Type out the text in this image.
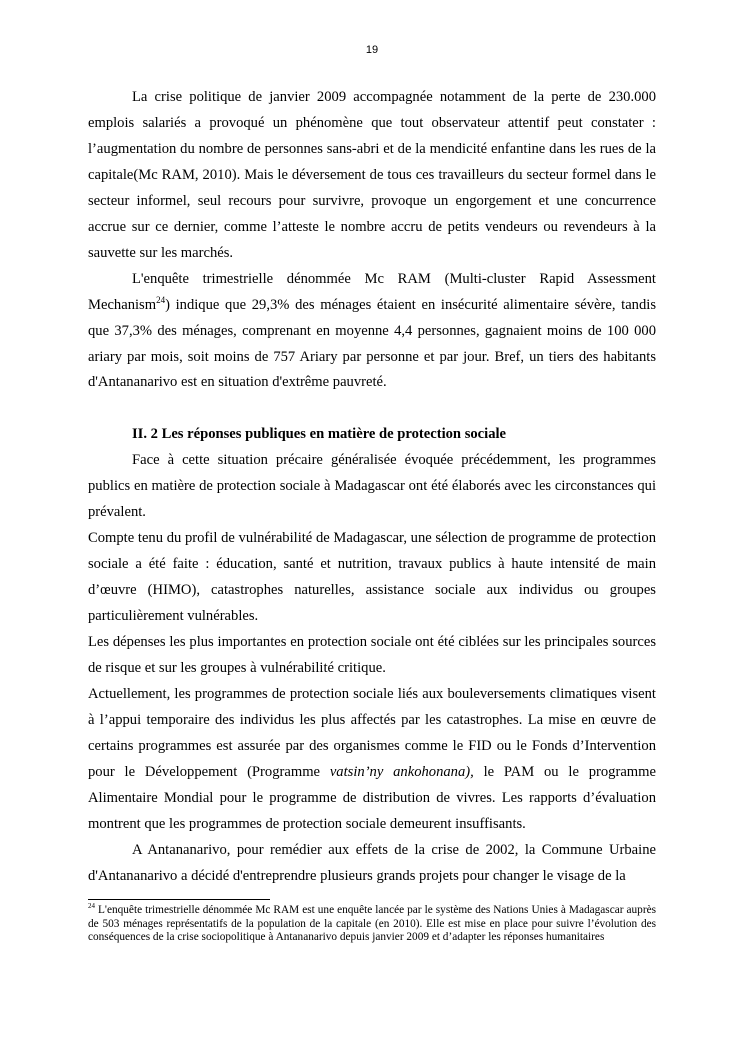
19

La crise politique de janvier 2009 accompagnée notamment de la perte de 230.000 emplois salariés a provoqué un phénomène que tout observateur attentif peut constater : l’augmentation du nombre de personnes sans-abri et de la mendicité enfantine dans les rues de la capitale(Mc RAM, 2010). Mais le déversement de tous ces travailleurs du secteur formel dans le secteur informel, seul recours pour survivre, provoque un engorgement et une concurrence accrue sur ce dernier, comme l’atteste le nombre accru de petits vendeurs ou revendeurs à la sauvette sur les marchés.

L'enquête trimestrielle dénommée Mc RAM (Multi-cluster Rapid Assessment Mechanism$^{24}$) indique que 29,3% des ménages étaient en insécurité alimentaire sévère, tandis que 37,3% des ménages, comprenant en moyenne 4,4 personnes, gagnaient moins de 100 000 ariary par mois, soit moins de 757 Ariary par personne et par jour. Bref, un tiers des habitants d'Antananarivo est en situation d'extrême pauvreté.

II. 2 Les réponses publiques en matière de protection sociale

Face à cette situation précaire généralisée évoquée précédemment, les programmes publics en matière de protection sociale à Madagascar ont été élaborés avec les circonstances qui prévalent.

Compte tenu du profil de vulnérabilité de Madagascar, une sélection de programme de protection sociale a été faite : éducation, santé et nutrition, travaux publics à haute intensité de main d’œuvre (HIMO), catastrophes naturelles, assistance sociale aux individus ou groupes particulièrement vulnérables.

Les dépenses les plus importantes en protection sociale ont été ciblées sur les principales sources de risque et sur les groupes à vulnérabilité critique.

Actuellement, les programmes de protection sociale liés aux bouleversements climatiques visent à l’appui temporaire des individus les plus affectés par les catastrophes. La mise en œuvre de certains programmes est assurée par des organismes comme le FID ou le Fonds d’Intervention pour le Développement (Programme vatsin’ny ankohonana), le PAM ou le programme Alimentaire Mondial pour le programme de distribution de vivres. Les rapports d’évaluation montrent que les programmes de protection sociale demeurent insuffisants.

A Antananarivo, pour remédier aux effets de la crise de 2002, la Commune Urbaine d'Antananarivo a décidé d'entreprendre plusieurs grands projets pour changer le visage de la

$^{24}$ L'enquête trimestrielle dénommée Mc RAM est une enquête lancée par le système des Nations Unies à Madagascar auprès de 503 ménages représentatifs de la population de la capitale (en 2010). Elle est mise en place pour suivre l’évolution des conséquences de la crise sociopolitique à Antananarivo depuis janvier 2009 et d’adapter les réponses humanitaires
